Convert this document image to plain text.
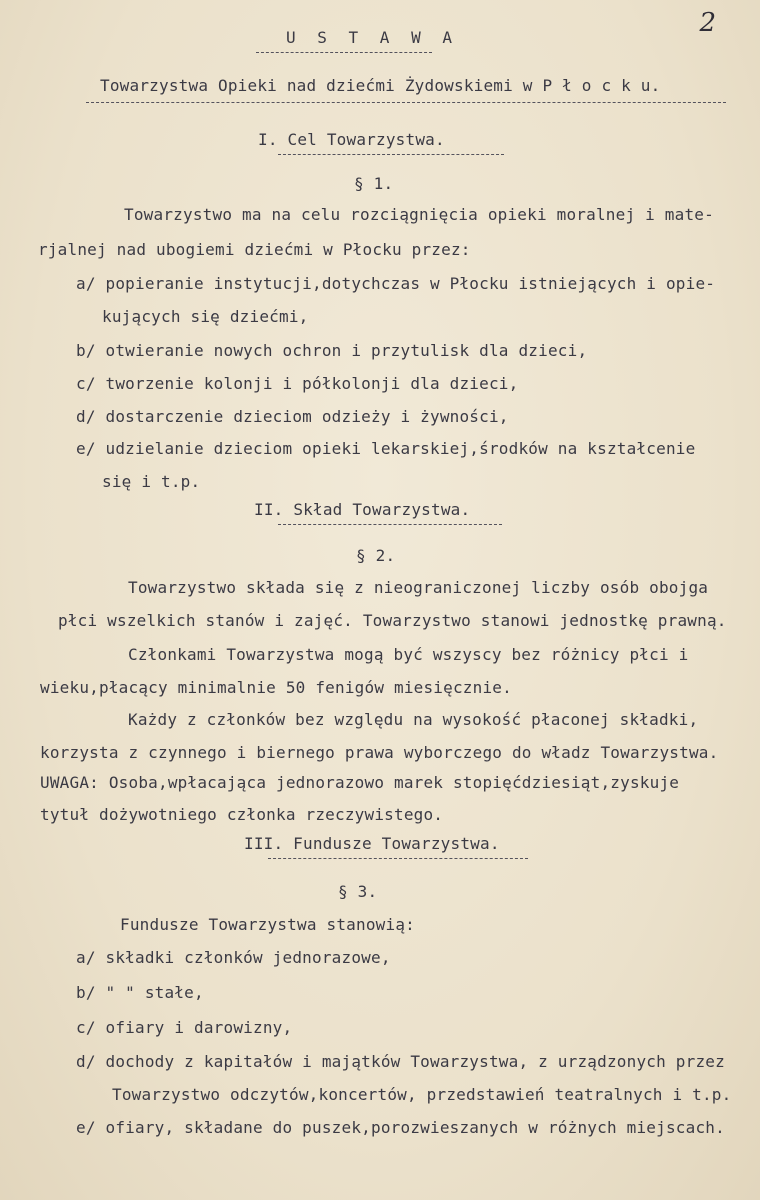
2
U S T A W A
Towarzystwa Opieki nad dziećmi Żydowskiemi w P ł o c k u.
I. Cel Towarzystwa.
§ 1.
Towarzystwo ma na celu rozciągnięcia opieki moralnej i mate-
rjalnej nad ubogiemi dziećmi w Płocku przez:
a/ popieranie instytucji,dotychczas w Płocku istniejących i opie-
kujących się dziećmi,
b/ otwieranie nowych ochron i przytulisk dla dzieci,
c/ tworzenie kolonji i półkolonji dla dzieci,
d/ dostarczenie dzieciom odzieży i żywności,
e/ udzielanie dzieciom opieki lekarskiej,środków na kształcenie
się i t.p.
II. Skład Towarzystwa.
§ 2.
Towarzystwo składa się z nieograniczonej liczby osób obojga
płci wszelkich stanów i zajęć. Towarzystwo stanowi jednostkę prawną.
Członkami Towarzystwa mogą być wszyscy bez różnicy płci i
wieku,płacący minimalnie 50 fenigów miesięcznie.
Każdy z członków bez względu na wysokość płaconej składki,
korzysta z czynnego i biernego prawa wyborczego do władz Towarzystwa.
UWAGA: Osoba,wpłacająca jednorazowo marek stopięćdziesiąt,zyskuje
tytuł dożywotniego członka rzeczywistego.
III. Fundusze Towarzystwa.
§ 3.
Fundusze Towarzystwa stanowią:
a/ składki członków jednorazowe,
b/ " " stałe,
c/ ofiary i darowizny,
d/ dochody z kapitałów i majątków Towarzystwa, z urządzonych przez
Towarzystwo odczytów,koncertów, przedstawień teatralnych i t.p.
e/ ofiary, składane do puszek,porozwieszanych w różnych miejscach.
